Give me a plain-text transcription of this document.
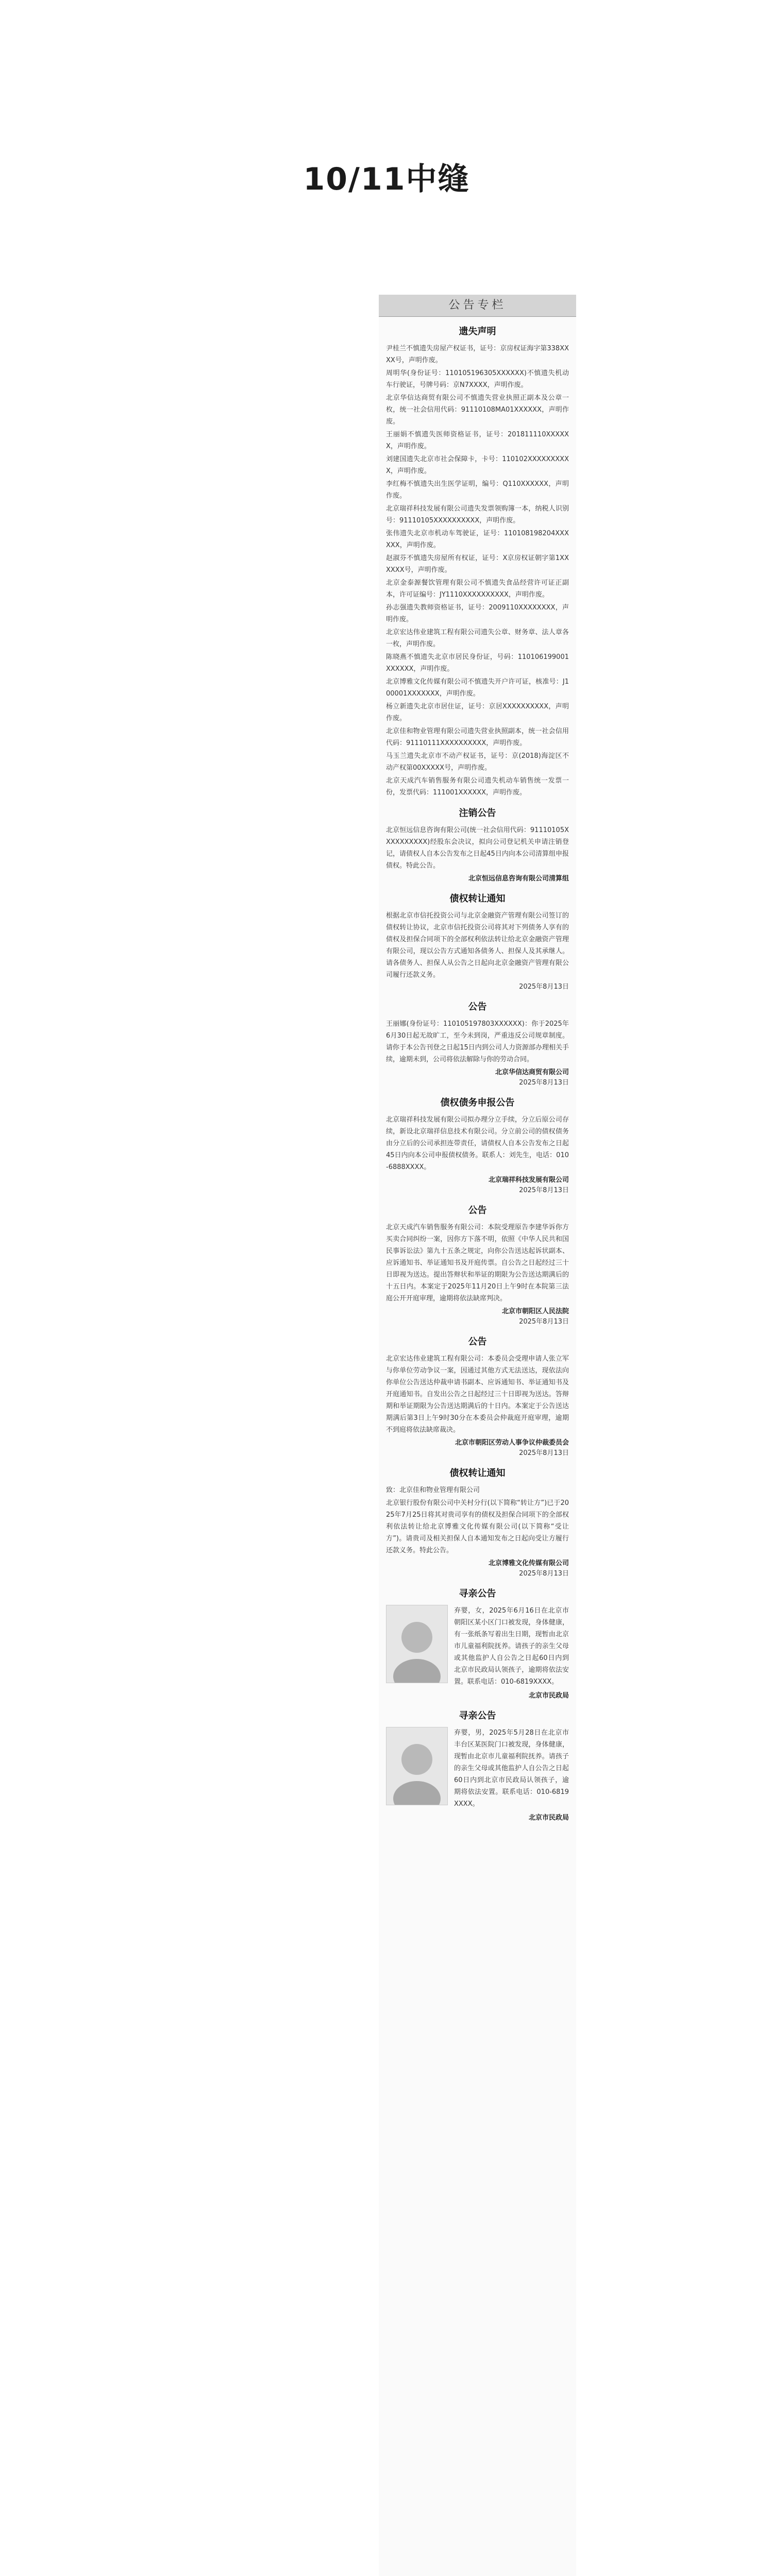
10/11中缝
公告专栏
遗失声明
尹桂兰不慎遗失房屋产权证书，证号：京房权证海字第338XXXX号，声明作废。
周明华(身份证号：110105196305XXXXXX)不慎遗失机动车行驶证，号牌号码：京N7XXXX，声明作废。
北京华信达商贸有限公司不慎遗失营业执照正副本及公章一枚，统一社会信用代码：91110108MA01XXXXXX，声明作废。
王丽娟不慎遗失医师资格证书，证号：201811110XXXXXX，声明作废。
刘建国遗失北京市社会保障卡，卡号：110102XXXXXXXXXX，声明作废。
李红梅不慎遗失出生医学证明，编号：Q110XXXXXX，声明作废。
北京瑞祥科技发展有限公司遗失发票领购簿一本，纳税人识别号：91110105XXXXXXXXXX，声明作废。
张伟遗失北京市机动车驾驶证，证号：110108198204XXXXXX，声明作废。
赵淑芬不慎遗失房屋所有权证，证号：X京房权证朝字第1XXXXXX号，声明作废。
北京金泰源餐饮管理有限公司不慎遗失食品经营许可证正副本，许可证编号：JY1110XXXXXXXXXX，声明作废。
孙志强遗失教师资格证书，证号：2009110XXXXXXXX，声明作废。
北京宏达伟业建筑工程有限公司遗失公章、财务章、法人章各一枚，声明作废。
陈晓燕不慎遗失北京市居民身份证，号码：110106199001XXXXXX，声明作废。
北京博雅文化传媒有限公司不慎遗失开户许可证，核准号：J100001XXXXXXX，声明作废。
杨立新遗失北京市居住证，证号：京居XXXXXXXXXX，声明作废。
北京佳和物业管理有限公司遗失营业执照副本，统一社会信用代码：91110111XXXXXXXXXX，声明作废。
马玉兰遗失北京市不动产权证书，证号：京(2018)海淀区不动产权第00XXXXX号，声明作废。
北京天成汽车销售服务有限公司遗失机动车销售统一发票一份，发票代码：111001XXXXXX，声明作废。
注销公告
北京恒远信息咨询有限公司(统一社会信用代码：91110105XXXXXXXXXX)经股东会决议，拟向公司登记机关申请注销登记，请债权人自本公告发布之日起45日内向本公司清算组申报债权。特此公告。
北京恒远信息咨询有限公司清算组
债权转让通知
根据北京市信托投资公司与北京金融资产管理有限公司签订的债权转让协议，北京市信托投资公司将其对下列债务人享有的债权及担保合同项下的全部权利依法转让给北京金融资产管理有限公司，现以公告方式通知各债务人、担保人及其承继人。请各债务人、担保人从公告之日起向北京金融资产管理有限公司履行还款义务。
2025年8月13日
公告
王丽娜(身份证号：110105197803XXXXXX)：你于2025年6月30日起无故旷工，至今未到岗，严重违反公司规章制度。请你于本公告刊登之日起15日内到公司人力资源部办理相关手续，逾期未到，公司将依法解除与你的劳动合同。
北京华信达商贸有限公司
2025年8月13日
债权债务申报公告
北京瑞祥科技发展有限公司拟办理分立手续，分立后原公司存续，新设北京瑞祥信息技术有限公司。分立前公司的债权债务由分立后的公司承担连带责任，请债权人自本公告发布之日起45日内向本公司申报债权债务。联系人：刘先生，电话：010-6888XXXX。
北京瑞祥科技发展有限公司
2025年8月13日
公告
北京天成汽车销售服务有限公司：本院受理原告李建华诉你方买卖合同纠纷一案，因你方下落不明，依照《中华人民共和国民事诉讼法》第九十五条之规定，向你公告送达起诉状副本、应诉通知书、举证通知书及开庭传票。自公告之日起经过三十日即视为送达。提出答辩状和举证的期限为公告送达期满后的十五日内。本案定于2025年11月20日上午9时在本院第三法庭公开开庭审理，逾期将依法缺席判决。
北京市朝阳区人民法院
2025年8月13日
公告
北京宏达伟业建筑工程有限公司：本委员会受理申请人张立军与你单位劳动争议一案，因通过其他方式无法送达，现依法向你单位公告送达仲裁申请书副本、应诉通知书、举证通知书及开庭通知书。自发出公告之日起经过三十日即视为送达。答辩期和举证期限为公告送达期满后的十日内。本案定于公告送达期满后第3日上午9时30分在本委员会仲裁庭开庭审理，逾期不到庭将依法缺席裁决。
北京市朝阳区劳动人事争议仲裁委员会
2025年8月13日
债权转让通知
致：北京佳和物业管理有限公司
北京银行股份有限公司中关村分行(以下简称“转让方”)已于2025年7月25日将其对贵司享有的债权及担保合同项下的全部权利依法转让给北京博雅文化传媒有限公司(以下简称“受让方”)。请贵司及相关担保人自本通知发布之日起向受让方履行还款义务。特此公告。
北京博雅文化传媒有限公司
2025年8月13日
寻亲公告
弃婴，女，2025年6月16日在北京市朝阳区某小区门口被发现，身体健康，有一张纸条写着出生日期，现暂由北京市儿童福利院抚养。请孩子的亲生父母或其他监护人自公告之日起60日内到北京市民政局认领孩子，逾期将依法安置。联系电话：010-6819XXXX。
北京市民政局
寻亲公告
弃婴，男，2025年5月28日在北京市丰台区某医院门口被发现，身体健康，现暂由北京市儿童福利院抚养。请孩子的亲生父母或其他监护人自公告之日起60日内到北京市民政局认领孩子，逾期将依法安置。联系电话：010-6819XXXX。
北京市民政局
